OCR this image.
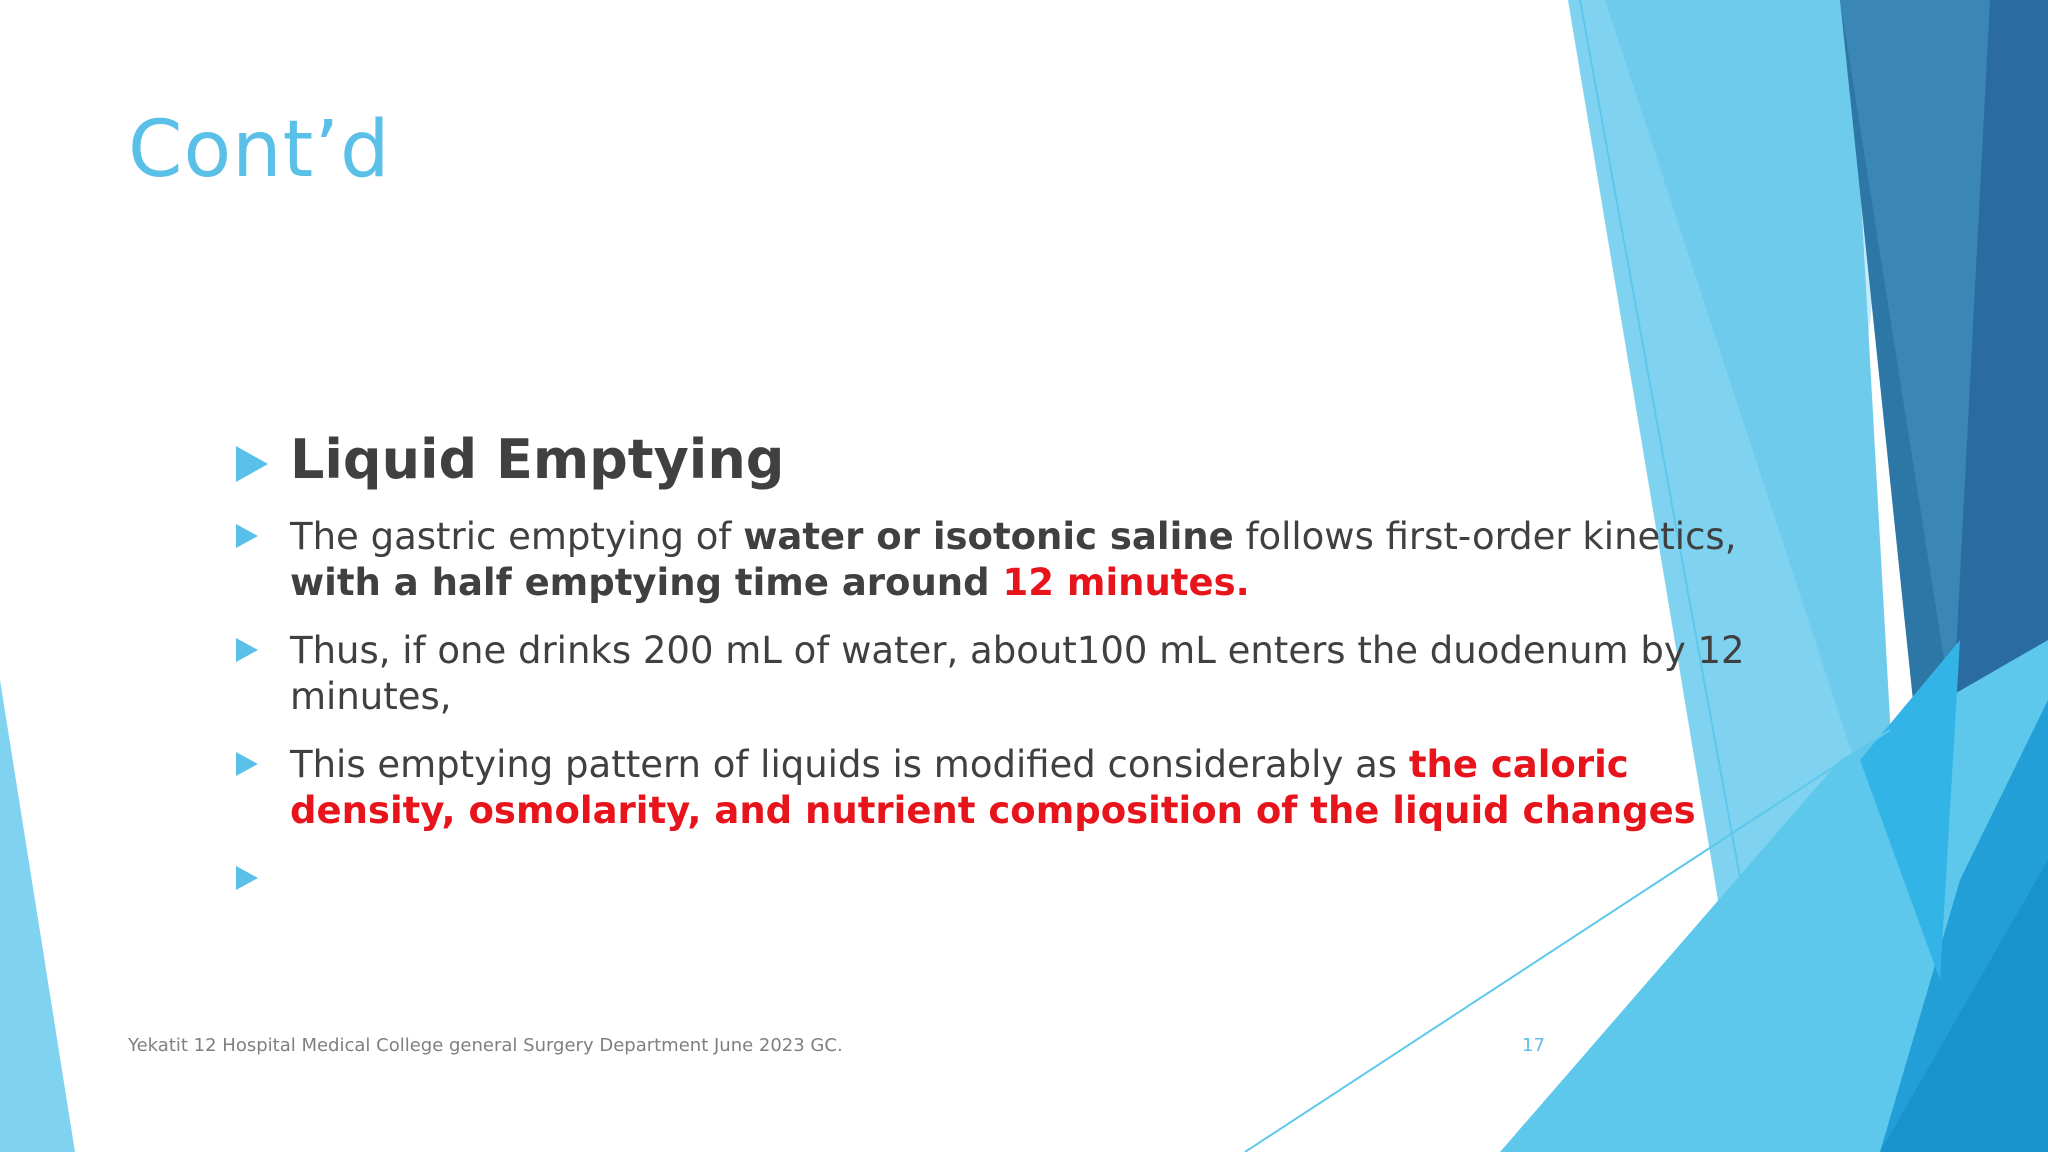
Cont’d
Liquid Emptying
The gastric emptying of water or isotonic saline follows first-order kinetics, with a half emptying time around 12 minutes.
Thus, if one drinks 200 mL of water, about100 mL enters the duodenum by 12 minutes,
This emptying pattern of liquids is modified considerably as the caloric density, osmolarity, and nutrient composition of the liquid changes
Yekatit 12 Hospital Medical College general Surgery Department June 2023 GC.	17
